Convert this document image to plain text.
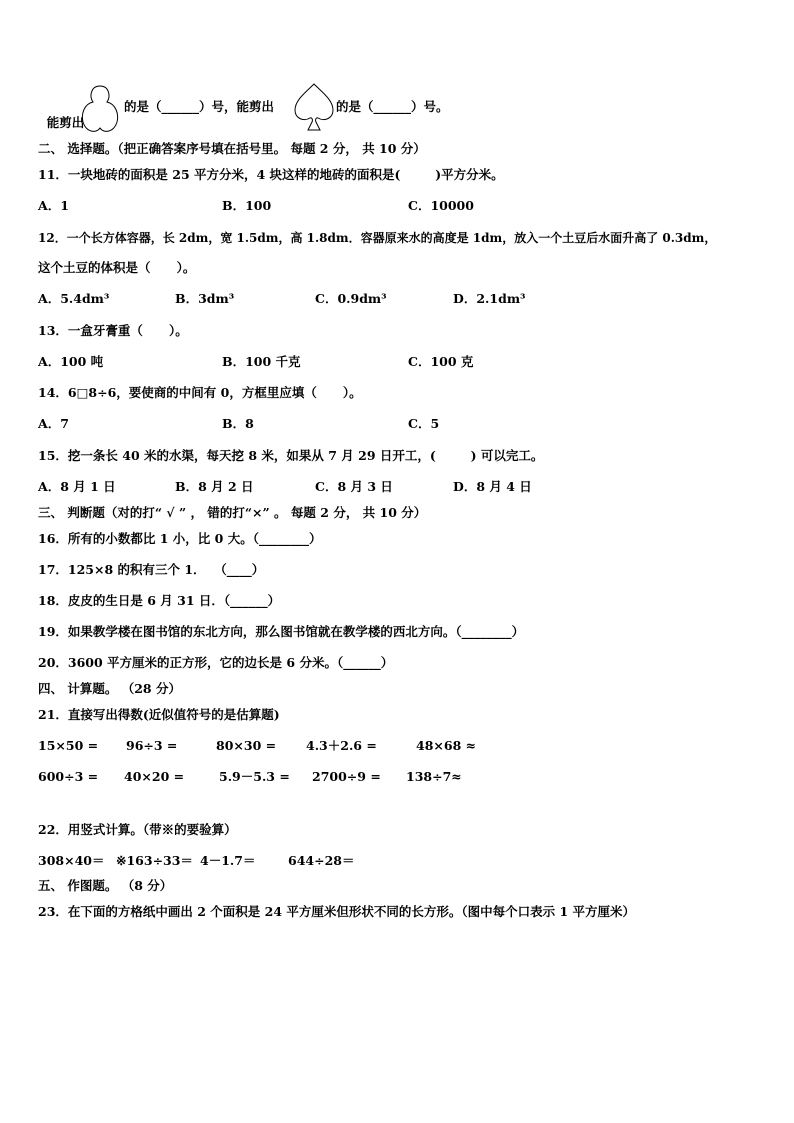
能剪出

的是（______）号，能剪出	的是（______）号。
二、 选择题。（把正确答案序号填在括号里。 每题 2 分， 共 10 分）
11．一块地砖的面积是 25 平方分米，4 块这样的地砖的面积是(        )平方分米。
A．1	B．100	C．10000
12．一个长方体容器，长 2dm，宽 1.5dm，高 1.8dm．容器原来水的高度是 1dm，放入一个土豆后水面升高了 0.3dm，
这个土豆的体积是（      ）。
A．5.4dm³	B．3dm³	C．0.9dm³	D．2.1dm³
13．一盒牙膏重（      ）。
A．100 吨	B．100 千克	C．100 克
14．6□8÷6，要使商的中间有 0，方框里应填（      ）。
A．7	B．8	C．5
15．挖一条长 40 米的水渠，每天挖 8 米，如果从 7 月 29 日开工，(        ) 可以完工。
A．8 月 1 日	B．8 月 2 日	C．8 月 3 日	D．8 月 4 日
三、 判断题（对的打“ √ ” ， 错的打“×” 。 每题 2 分， 共 10 分）
16．所有的小数都比 1 小，比 0 大。（________）
17．125×8 的积有三个 1．  （____）
18．皮皮的生日是 6 月 31 日．（______）
19．如果教学楼在图书馆的东北方向，那么图书馆就在教学楼的西北方向。（________）
20．3600 平方厘米的正方形，它的边长是 6 分米。（______）
四、 计算题。 （28 分）
21．直接写出得数(近似值符号的是估算题)
15×50 = 96÷3 =	80×30 = 4.3＋2.6 =	48×68 ≈
600÷3 = 40×20 =	5.9－5.3 = 2700÷9 = 138÷7≈
22．用竖式计算。（带※的要验算）
308×40＝ ※163÷33＝ 4－1.7＝	644÷28＝
五、 作图题。 （8 分）
23．在下面的方格纸中画出 2 个面积是 24 平方厘米但形状不同的长方形。（图中每个口表示 1 平方厘米）
